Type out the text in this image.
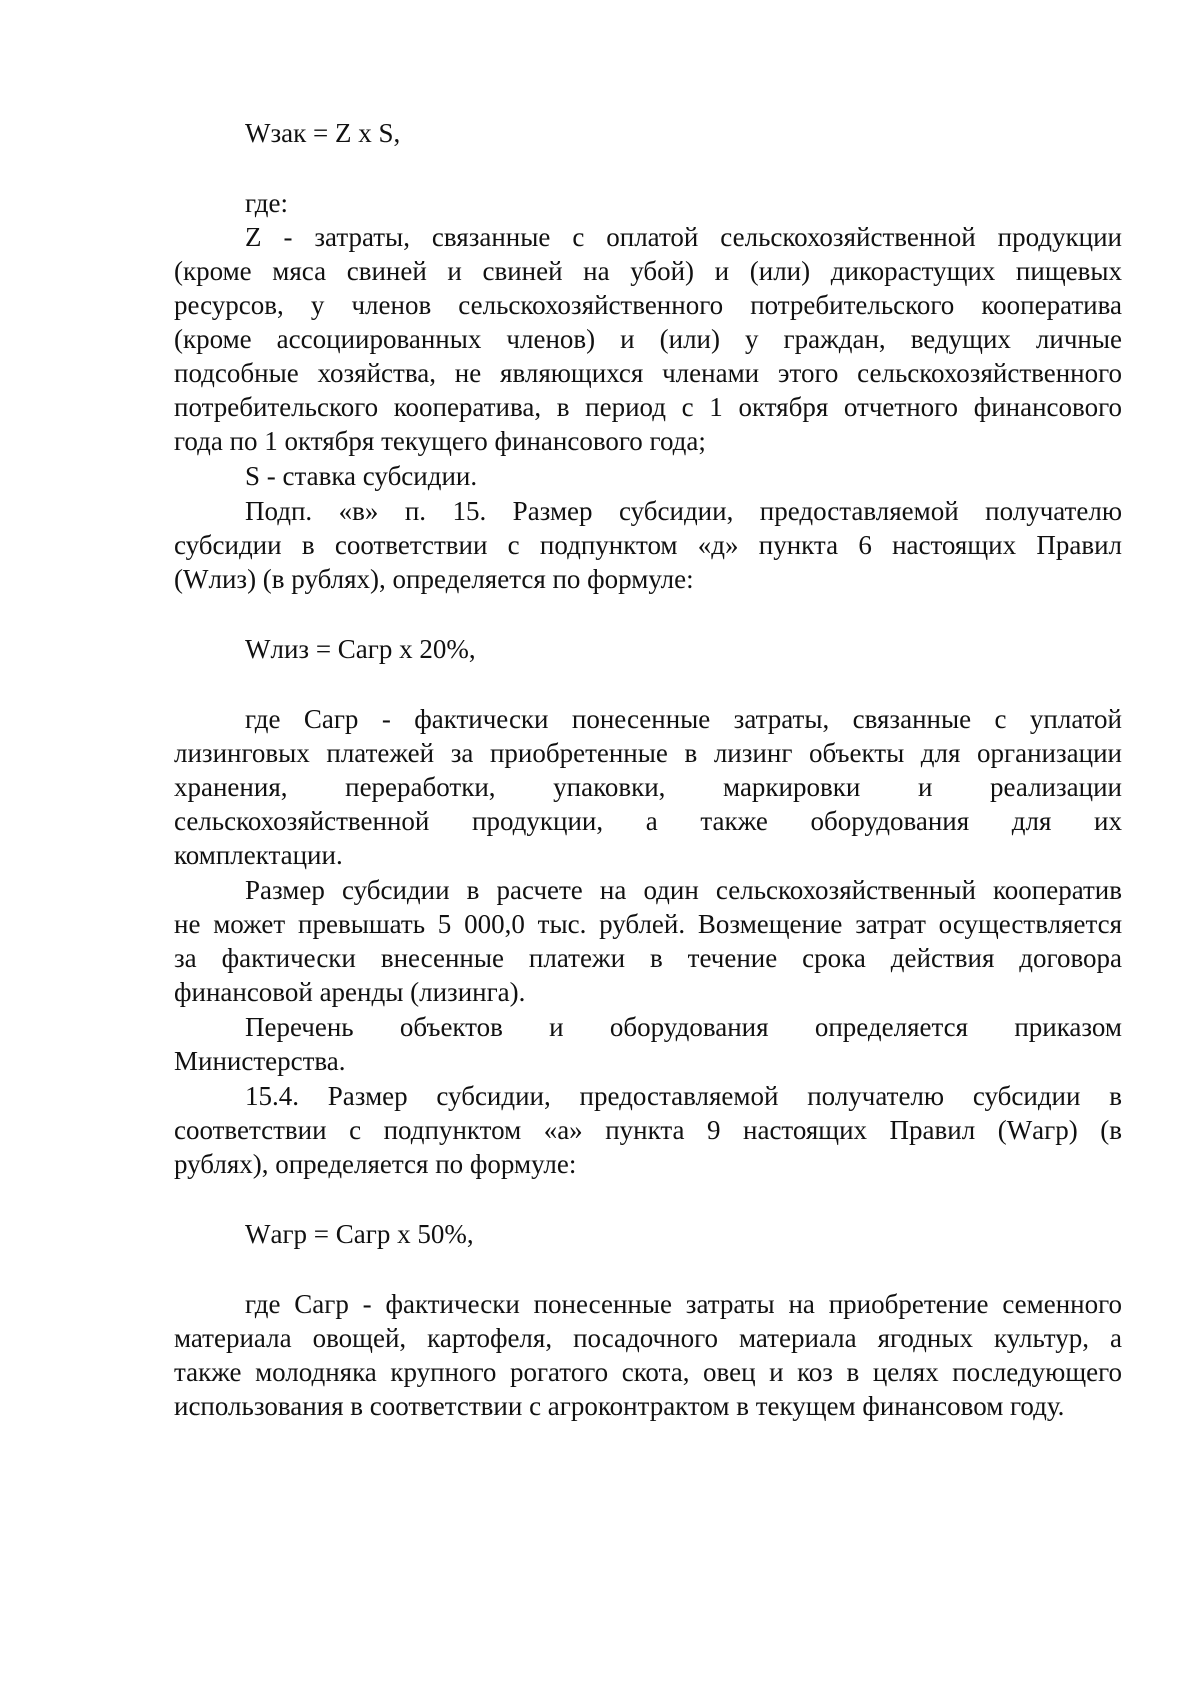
Wзак = Z x S,

где:

Z - затраты, связанные с оплатой сельскохозяйственной продукции

(кроме мяса свиней и свиней на убой) и (или) дикорастущих пищевых

ресурсов, у членов сельскохозяйственного потребительского кооператива

(кроме ассоциированных членов) и (или) у граждан, ведущих личные

подсобные хозяйства, не являющихся членами этого сельскохозяйственного

потребительского кооператива, в период с 1 октября отчетного финансового

года по 1 октября текущего финансового года;

S - ставка субсидии.

Подп. «в» п. 15. Размер субсидии, предоставляемой получателю

субсидии в соответствии с подпунктом «д» пункта 6 настоящих Правил

(Wлиз) (в рублях), определяется по формуле:

Wлиз = Сагр x 20%,

где Сагр - фактически понесенные затраты, связанные с уплатой

лизинговых платежей за приобретенные в лизинг объекты для организации

хранения, переработки, упаковки, маркировки и реализации

сельскохозяйственной продукции, а также оборудования для их

комплектации.

Размер субсидии в расчете на один сельскохозяйственный кооператив

не может превышать 5 000,0 тыс. рублей. Возмещение затрат осуществляется

за фактически внесенные платежи в течение срока действия договора

финансовой аренды (лизинга).

Перечень объектов и оборудования определяется приказом

Министерства.

15.4. Размер субсидии, предоставляемой получателю субсидии в

соответствии с подпунктом «а» пункта 9 настоящих Правил (Wагр) (в

рублях), определяется по формуле:

Wагр = Сагр x 50%,

где Сагр - фактически понесенные затраты на приобретение семенного

материала овощей, картофеля, посадочного материала ягодных культур, а

также молодняка крупного рогатого скота, овец и коз в целях последующего

использования в соответствии с агроконтрактом в текущем финансовом году.
